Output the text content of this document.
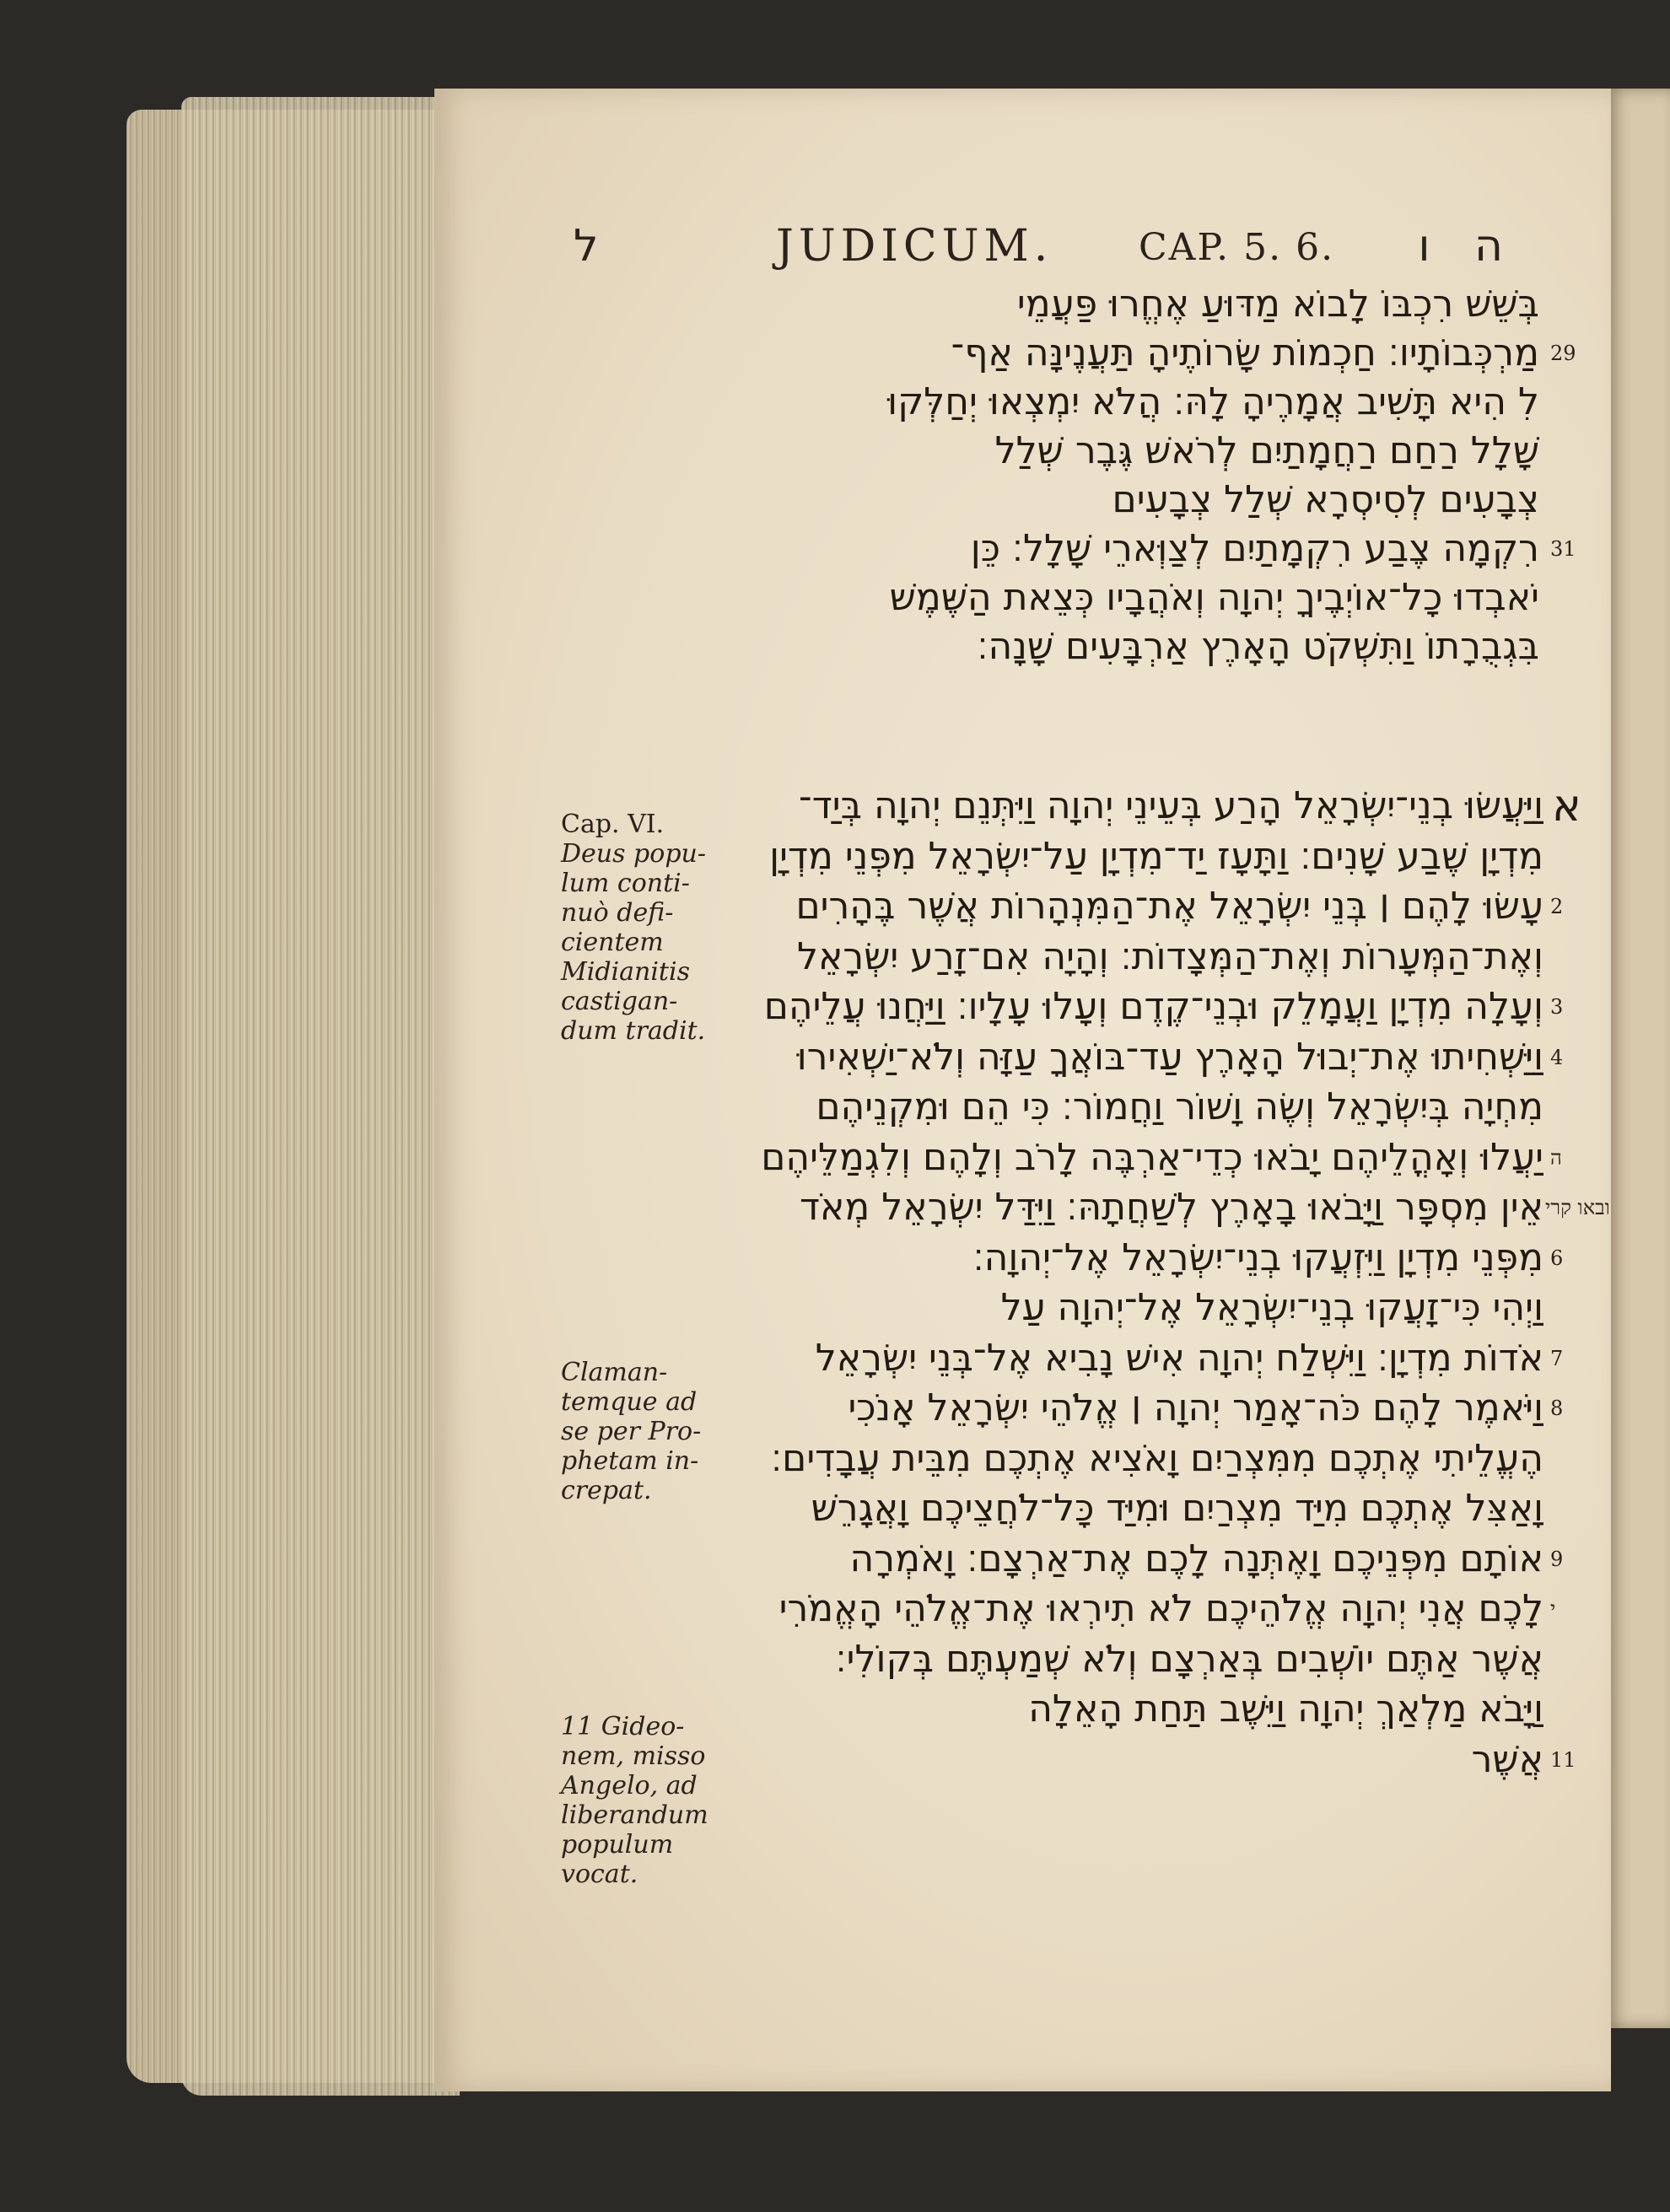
ל	JUDICUM. CAP. 5. 6. ה ו
בְּשֵׁשׁ רִכְבּוֹ לָבוֹא מַדּוּעַ אֶחֱרוּ פַּעֲמֵי
מַרְכְּבוֹתָיו׃ חַכְמוֹת שָׂרוֹתֶיהָ תַּעֲנֶינָּה אַף־
לִ הִיא תָּשִׁיב אֲמָרֶיהָ לָהּ׃ הֲלֹא יִמְצְאוּ יְחַלְּקוּ
שָׁלָל רַחַם רַחֲמָתַיִם לְרֹאשׁ גֶּבֶר שְׁלַל
צְבָעִים לְסִיסְרָא שְׁלַל צְבָעִים
רִקְמָה צֶבַע רִקְמָתַיִם לְצַוְּארֵי שָׁלָל׃ כֵּן
יֹאבְדוּ כָל־אוֹיְבֶיךָ יְהוָה וְאֹהֲבָיו כְּצֵאת הַשֶּׁמֶשׁ
בִּגְבֻרָתוֹ וַתִּשְׁקֹט הָאָרֶץ אַרְבָּעִים שָׁנָה׃
29
31
וַיַּעֲשׂוּ בְנֵי־יִשְׂרָאֵל הָרַע בְּעֵינֵי יְהוָה וַיִּתְּנֵם יְהוָה בְּיַד־
מִדְיָן שֶׁבַע שָׁנִים׃ וַתָּעָז יַד־מִדְיָן עַל־יִשְׂרָאֵל מִפְּנֵי מִדְיָן
עָשׂוּ לָהֶם ׀ בְּנֵי יִשְׂרָאֵל אֶת־הַמִּנְהָרוֹת אֲשֶׁר בֶּהָרִים
וְאֶת־הַמְּעָרוֹת וְאֶת־הַמְּצָדוֹת׃ וְהָיָה אִם־זָרַע יִשְׂרָאֵל
וְעָלָה מִדְיָן וַעֲמָלֵק וּבְנֵי־קֶדֶם וְעָלוּ עָלָיו׃ וַיַּחֲנוּ עֲלֵיהֶם
וַיַּשְׁחִיתוּ אֶת־יְבוּל הָאָרֶץ עַד־בּוֹאֲךָ עַזָּה וְלֹא־יַשְׁאִירוּ
מִחְיָה בְּיִשְׂרָאֵל וְשֶׂה וָשׁוֹר וַחֲמוֹר׃ כִּי הֵם וּמִקְנֵיהֶם
יַעֲלוּ וְאָהֳלֵיהֶם יָבֹאוּ כְדֵי־אַרְבֶּה לָרֹב וְלָהֶם וְלִגְמַלֵּיהֶם
אֵין מִסְפָּר וַיָּבֹאוּ בָאָרֶץ לְשַׁחֲתָהּ׃ וַיִּדַּל יִשְׂרָאֵל מְאֹד
מִפְּנֵי מִדְיָן וַיִּזְעֲקוּ בְנֵי־יִשְׂרָאֵל אֶל־יְהוָה׃
וַיְהִי כִּי־זָעֲקוּ בְנֵי־יִשְׂרָאֵל אֶל־יְהוָה עַל
אֹדוֹת מִדְיָן׃ וַיִּשְׁלַח יְהוָה אִישׁ נָבִיא אֶל־בְּנֵי יִשְׂרָאֵל
וַיֹּאמֶר לָהֶם כֹּה־אָמַר יְהוָה ׀ אֱלֹהֵי יִשְׂרָאֵל אָנֹכִי
הֶעֱלֵיתִי אֶתְכֶם מִמִּצְרַיִם וָאֹצִיא אֶתְכֶם מִבֵּית עֲבָדִים׃
וָאַצִּל אֶתְכֶם מִיַּד מִצְרַיִם וּמִיַּד כָּל־לֹחֲצֵיכֶם וָאֲגָרֵשׁ
אוֹתָם מִפְּנֵיכֶם וָאֶתְּנָה לָכֶם אֶת־אַרְצָם׃ וָאֹמְרָה
לָכֶם אֲנִי יְהוָה אֱלֹהֵיכֶם לֹא תִירְאוּ אֶת־אֱלֹהֵי הָאֱמֹרִי
אֲשֶׁר אַתֶּם יוֹשְׁבִים בְּאַרְצָם וְלֹא שְׁמַעְתֶּם בְּקוֹלִי׃
וַיָּבֹא מַלְאַךְ יְהוָה וַיֵּשֶׁב תַּחַת הָאֵלָה
אֲשֶׁר
2
3
4
ה
ובאו קרי
6
7
8
9
י
11
Cap. VI.
Deus popu-
lum conti-
nuò defi-
cientem
Midianitis
castigan-
dum tradit.
Claman-
temque ad
se per Pro-
phetam in-
crepat.
11 Gideo-
nem, misso
Angelo, ad
liberandum
populum
vocat.
א
